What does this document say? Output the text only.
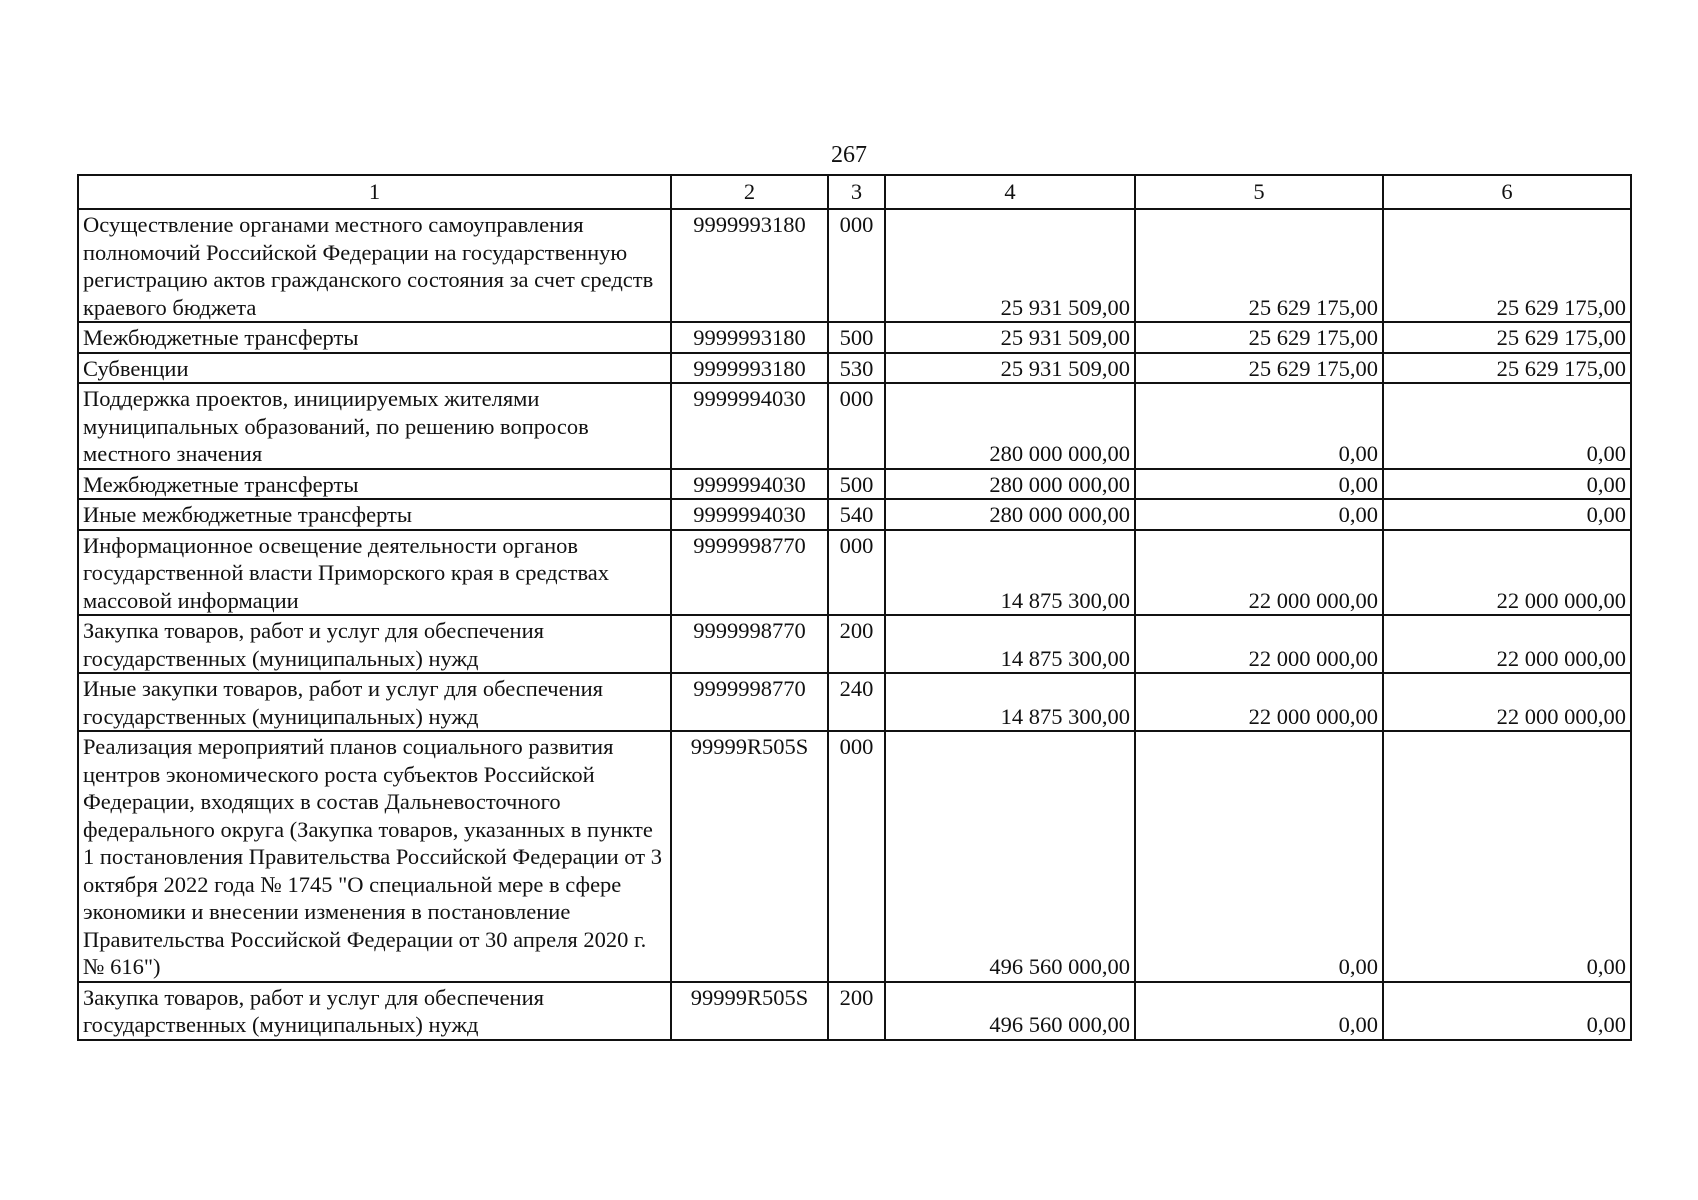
267
1	2	3	4	5	6
Осуществление органами местного самоуправления полномочий Российской Федерации на государственную регистрацию актов гражданского состояния за счет средств краевого бюджета	9999993180	000	25 931 509,00	25 629 175,00	25 629 175,00
Межбюджетные трансферты	9999993180	500	25 931 509,00	25 629 175,00	25 629 175,00
Субвенции	9999993180	530	25 931 509,00	25 629 175,00	25 629 175,00
Поддержка проектов, инициируемых жителями муниципальных образований, по решению вопросов местного значения	9999994030	000	280 000 000,00	0,00	0,00
Межбюджетные трансферты	9999994030	500	280 000 000,00	0,00	0,00
Иные межбюджетные трансферты	9999994030	540	280 000 000,00	0,00	0,00
Информационное освещение деятельности органов государственной власти Приморского края в средствах массовой информации	9999998770	000	14 875 300,00	22 000 000,00	22 000 000,00
Закупка товаров, работ и услуг для обеспечения государственных (муниципальных) нужд	9999998770	200	14 875 300,00	22 000 000,00	22 000 000,00
Иные закупки товаров, работ и услуг для обеспечения государственных (муниципальных) нужд	9999998770	240	14 875 300,00	22 000 000,00	22 000 000,00
Реализация мероприятий планов социального развития центров экономического роста субъектов Российской Федерации, входящих в состав Дальневосточного федерального округа (Закупка товаров, указанных в пункте 1 постановления Правительства Российской Федерации от 3 октября 2022 года № 1745 "О специальной мере в сфере экономики и внесении изменения в постановление Правительства Российской Федерации от 30 апреля 2020 г. № 616")	99999R505S	000	496 560 000,00	0,00	0,00
Закупка товаров, работ и услуг для обеспечения государственных (муниципальных) нужд	99999R505S	200	496 560 000,00	0,00	0,00
